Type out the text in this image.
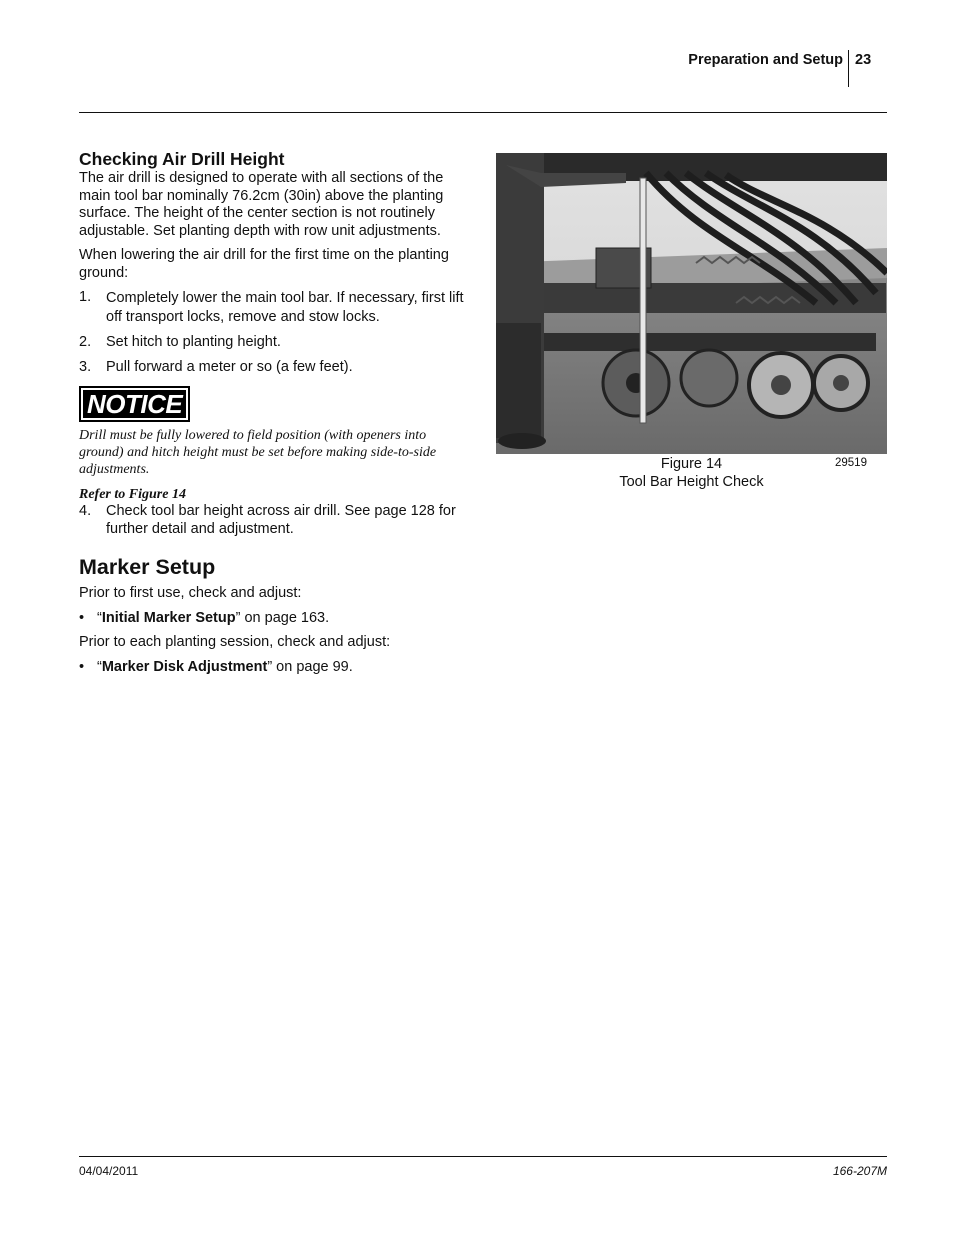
Preparation and Setup 23
Checking Air Drill Height

The air drill is designed to operate with all sections of the main tool bar nominally 76.2cm (30in) above the planting surface. The height of the center section is not routinely adjustable. Set planting depth with row unit adjustments.

When lowering the air drill for the first time on the planting ground:

1. Completely lower the main tool bar. If necessary, first lift off transport locks, remove and stow locks.
2. Set hitch to planting height.
3. Pull forward a meter or so (a few feet).
NOTICE

Drill must be fully lowered to field position (with openers into ground) and hitch height must be set before making side-to-side adjustments.

Refer to Figure 14

4. Check tool bar height across air drill. See page 128 for further detail and adjustment.
Marker Setup

Prior to first use, check and adjust:

• “Initial Marker Setup” on page 163.

Prior to each planting session, check and adjust:

• “Marker Disk Adjustment” on page 99.
Figure 14
Tool Bar Height Check
29519
04/04/2011	166-207M
